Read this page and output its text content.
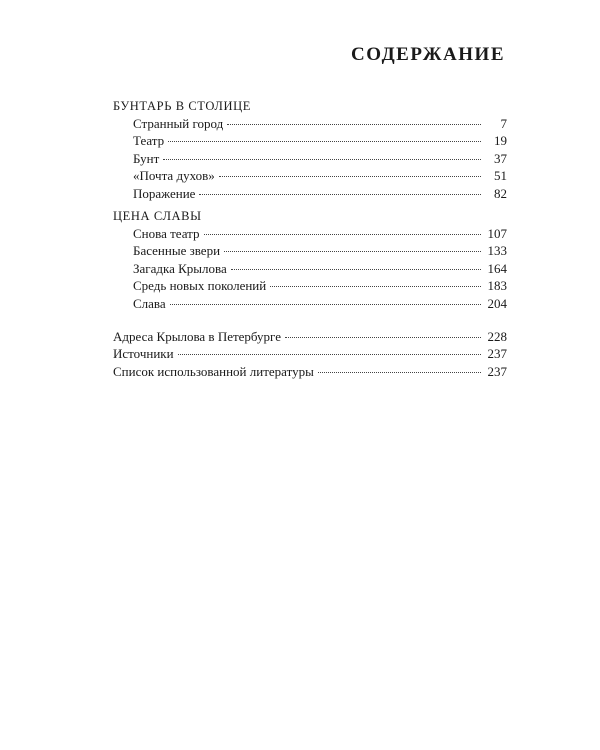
СОДЕРЖАНИЕ
БУНТАРЬ В СТОЛИЦЕ
Странный город	7
Театр	19
Бунт	37
«Почта духов»	51
Поражение	82
ЦЕНА СЛАВЫ
Снова театр	107
Басенные звери	133
Загадка Крылова	164
Средь новых поколений	183
Слава	204
Адреса Крылова в Петербурге	228
Источники	237
Список использованной литературы	237
